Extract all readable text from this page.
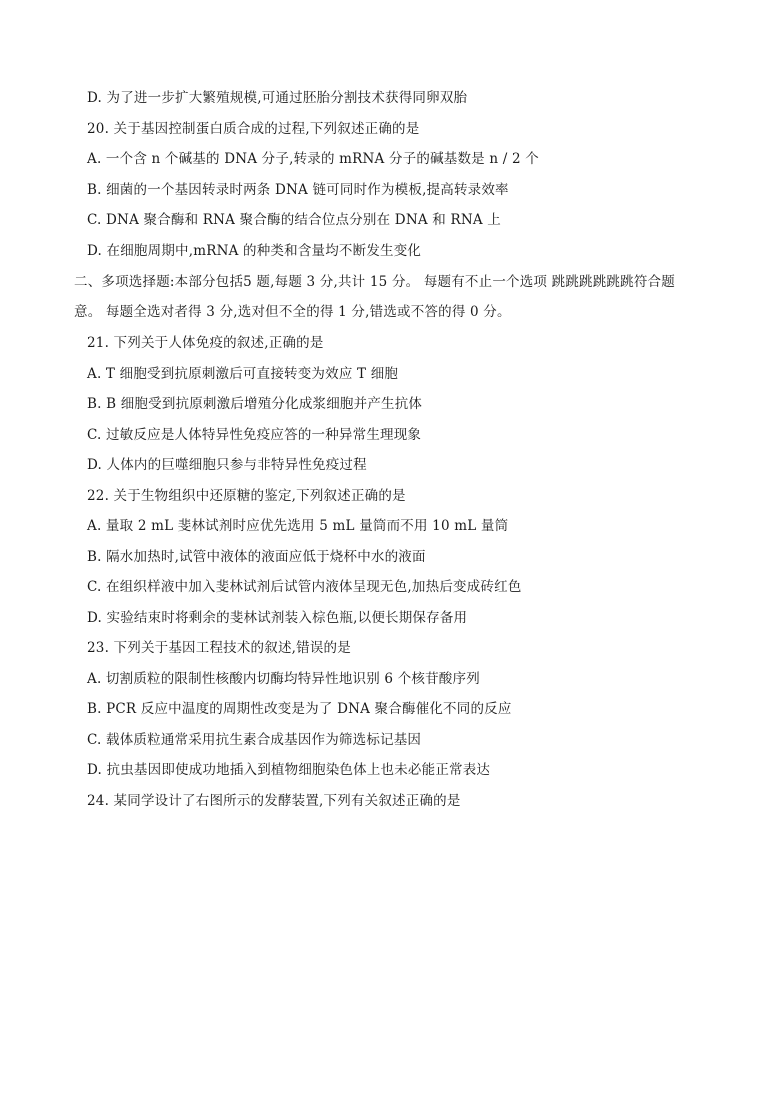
D. 为了进一步扩大繁殖规模,可通过胚胎分割技术获得同卵双胎
20. 关于基因控制蛋白质合成的过程,下列叙述正确的是
A. 一个含 n 个碱基的 DNA 分子,转录的 mRNA 分子的碱基数是 n / 2 个
B. 细菌的一个基因转录时两条 DNA 链可同时作为模板,提高转录效率
C. DNA 聚合酶和 RNA 聚合酶的结合位点分别在 DNA 和 RNA 上
D. 在细胞周期中,mRNA 的种类和含量均不断发生变化
二、多项选择题:本部分包括5 题,每题 3 分,共计 15 分。 每题有不止一个选项 跳跳跳跳跳跳符合题
意。 每题全选对者得 3 分,选对但不全的得 1 分,错选或不答的得 0 分。
21. 下列关于人体免疫的叙述,正确的是
A. T 细胞受到抗原刺激后可直接转变为效应 T 细胞
B. B 细胞受到抗原刺激后增殖分化成浆细胞并产生抗体
C. 过敏反应是人体特异性免疫应答的一种异常生理现象
D. 人体内的巨噬细胞只参与非特异性免疫过程
22. 关于生物组织中还原糖的鉴定,下列叙述正确的是
A. 量取 2 mL 斐林试剂时应优先选用 5 mL 量筒而不用 10 mL 量筒
B. 隔水加热时,试管中液体的液面应低于烧杯中水的液面
C. 在组织样液中加入斐林试剂后试管内液体呈现无色,加热后变成砖红色
D. 实验结束时将剩余的斐林试剂装入棕色瓶,以便长期保存备用
23. 下列关于基因工程技术的叙述,错误的是
A. 切割质粒的限制性核酸内切酶均特异性地识别 6 个核苷酸序列
B. PCR 反应中温度的周期性改变是为了 DNA 聚合酶催化不同的反应
C. 载体质粒通常采用抗生素合成基因作为筛选标记基因
D. 抗虫基因即使成功地插入到植物细胞染色体上也未必能正常表达
24. 某同学设计了右图所示的发酵装置,下列有关叙述正确的是
